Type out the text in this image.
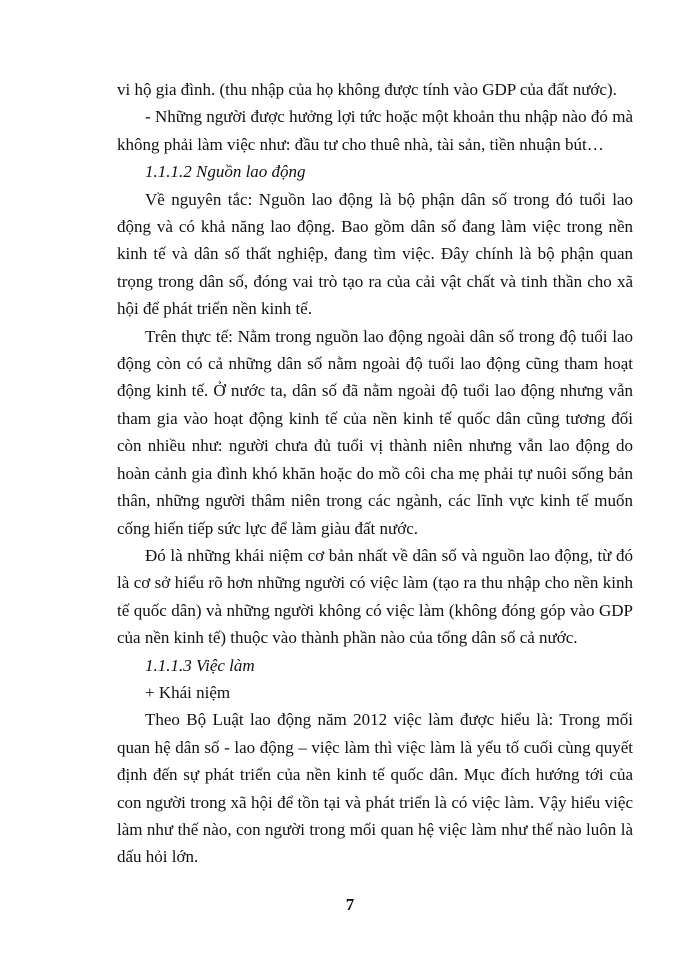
vi hộ gia đình. (thu nhập của họ không được tính vào GDP của đất nước).

- Những người được hưởng lợi tức hoặc một khoản thu nhập nào đó mà không phải làm việc như: đầu tư cho thuê nhà, tài sản, tiền nhuận bút…

1.1.1.2 Nguồn lao động

Về nguyên tắc: Nguồn lao động là bộ phận dân số trong đó tuổi lao động và có khả năng lao động. Bao gồm dân số đang làm việc trong nền kinh tế và dân số thất nghiệp, đang tìm việc. Đây chính là bộ phận quan trọng trong dân số, đóng vai trò tạo ra của cải vật chất và tinh thần cho xã hội để phát triển nền kinh tế.

Trên thực tế: Nằm trong nguồn lao động ngoài dân số trong độ tuổi lao động còn có cả những dân số nằm ngoài độ tuổi lao động cũng tham hoạt động kinh tế. Ở nước ta, dân số đã nằm ngoài độ tuổi lao động nhưng vẫn tham gia vào hoạt động kinh tế của nền kinh tế quốc dân cũng tương đối còn nhiều như: người chưa đủ tuổi vị thành niên nhưng vẫn lao động do hoàn cảnh gia đình khó khăn hoặc do mồ côi cha mẹ phải tự nuôi sống bản thân, những người thâm niên trong các ngành, các lĩnh vực kinh tế muốn cống hiến tiếp sức lực để làm giàu đất nước.

Đó là những khái niệm cơ bản nhất về dân số và nguồn lao động, từ đó là cơ sở hiểu rõ hơn những người có việc làm (tạo ra thu nhập cho nền kinh tế quốc dân) và những người không có việc làm (không đóng góp vào GDP của nền kinh tế) thuộc vào thành phần nào của tổng dân số cả nước.

1.1.1.3 Việc làm

+ Khái niệm

Theo Bộ Luật lao động năm 2012 việc làm được hiểu là: Trong mối quan hệ dân số - lao động – việc làm thì việc làm là yếu tố cuối cùng quyết định đến sự phát triển của nền kinh tế quốc dân. Mục đích hướng tới của con người trong xã hội để tồn tại và phát triển là có việc làm. Vậy hiểu việc làm như thế nào, con người trong mối quan hệ việc làm như thế nào luôn là dấu hỏi lớn.

7
